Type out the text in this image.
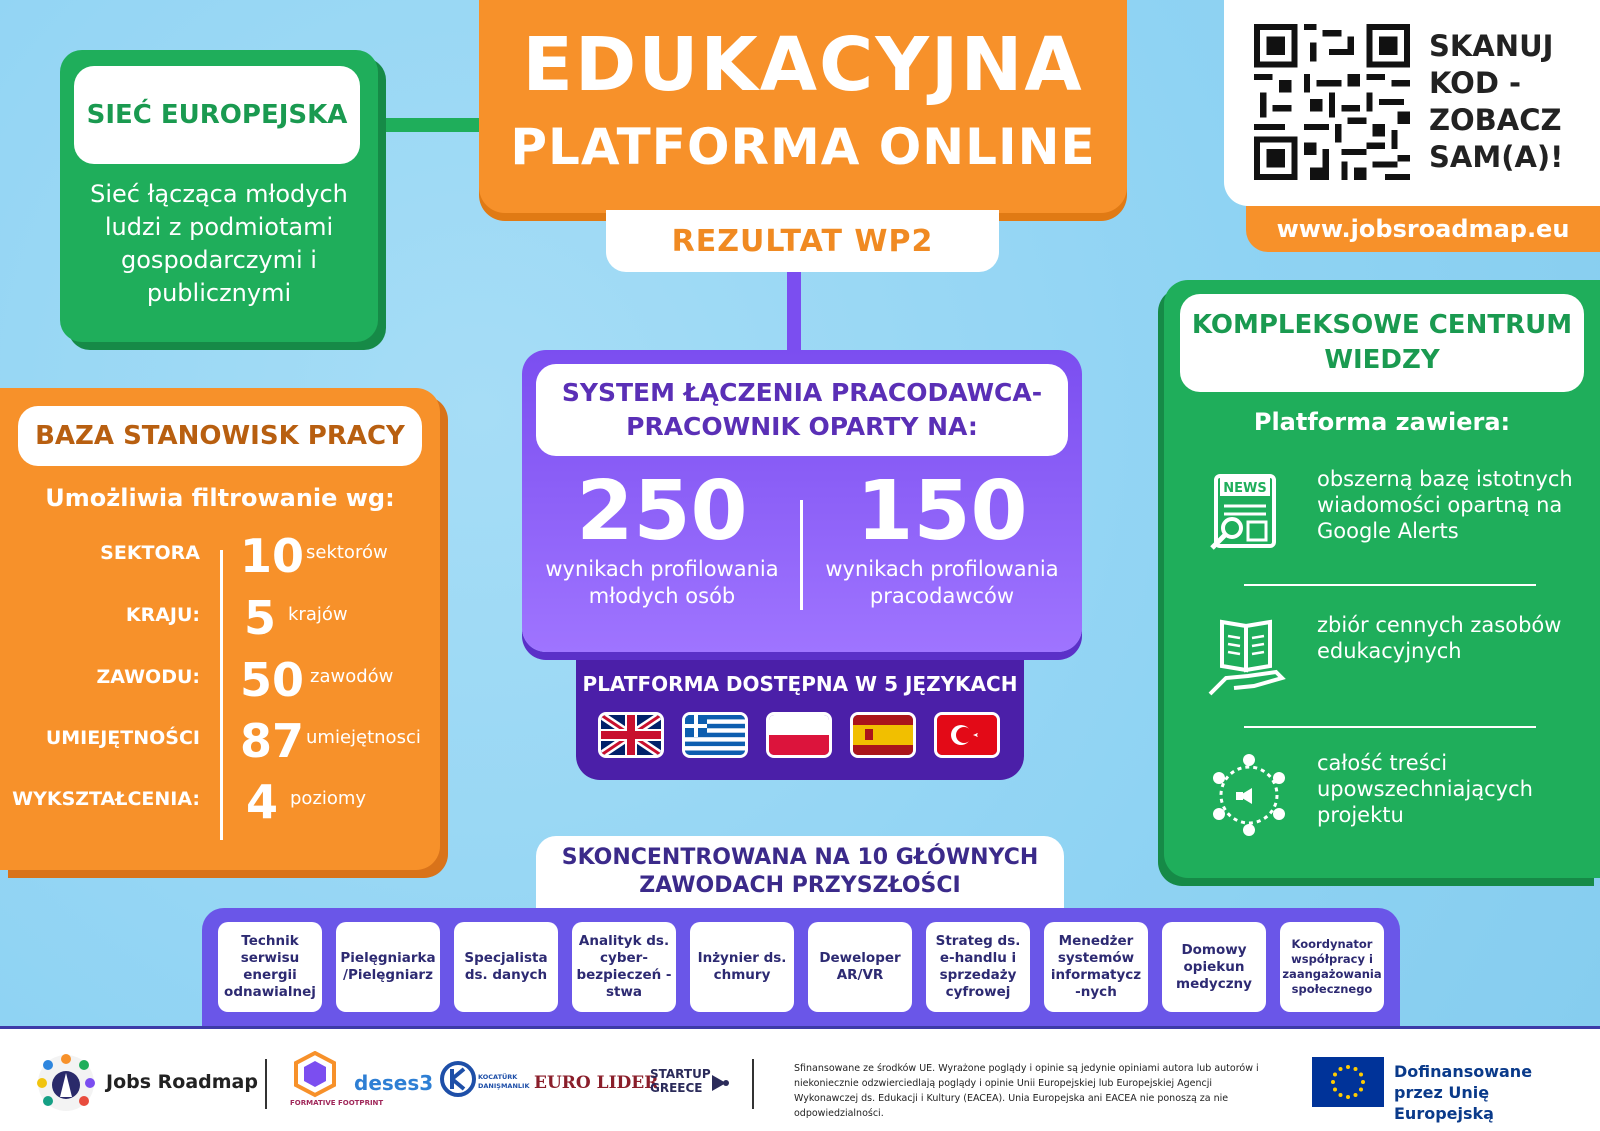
SIEĆ EUROPEJSKA
Sieć łącząca młodych ludzi z podmiotami gospodarczymi i publicznymi
EDUKACYJNA
PLATFORMA ONLINE
REZULTAT WP2
SKANUJ KOD - ZOBACZ SAM(A)!
www.jobsroadmap.eu
BAZA STANOWISK PRACY
Umożliwia filtrowanie wg:
SEKTORA 10 sektorów
KRAJU: 5 krajów
ZAWODU: 50 zawodów
UMIEJĘTNOŚCI 87 umiejętnosci
WYKSZTAŁCENIA: 4 poziomy
SYSTEM ŁĄCZENIA PRACODAWCA-PRACOWNIK OPARTY NA:
250
wynikach profilowania młodych osób
150
wynikach profilowania pracodawców
PLATFORMA DOSTĘPNA W 5 JĘZYKACH
KOMPLEKSOWE CENTRUM WIEDZY
Platforma zawiera:
NEWS obszerną bazę istotnych wiadomości opartną na Google Alerts
zbiór cennych zasobów edukacyjnych
całość treści upowszechniających projektu
SKONCENTROWANA NA 10 GŁÓWNYCH ZAWODACH PRZYSZŁOŚCI
Technik serwisu energii odnawialnej
Pielęgniarka /Pielęgniarz
Specjalista ds. danych
Analityk ds. cyber-bezpieczeń -stwa
Inżynier ds. chmury
Deweloper AR/VR
Strateg ds. e-handlu i sprzedaży cyfrowej
Menedżer systemów informatycz -nych
Domowy opiekun medyczny
Koordynator współpracy i zaangażowania społecznego
Jobs Roadmap
FORMATIVE FOOTPRINT
deses3	KOCATÜRK DANIŞMANLIK EURO LIDER
STARTUP GREECE
Sfinansowane ze środków UE. Wyrażone poglądy i opinie są jedynie opiniami autora lub autorów i niekoniecznie odzwierciedlają poglądy i opinie Unii Europejskiej lub Europejskiej Agencji Wykonawczej ds. Edukacji i Kultury (EACEA). Unia Europejska ani EACEA nie ponoszą za nie odpowiedzialności.
Dofinansowane przez Unię Europejską
